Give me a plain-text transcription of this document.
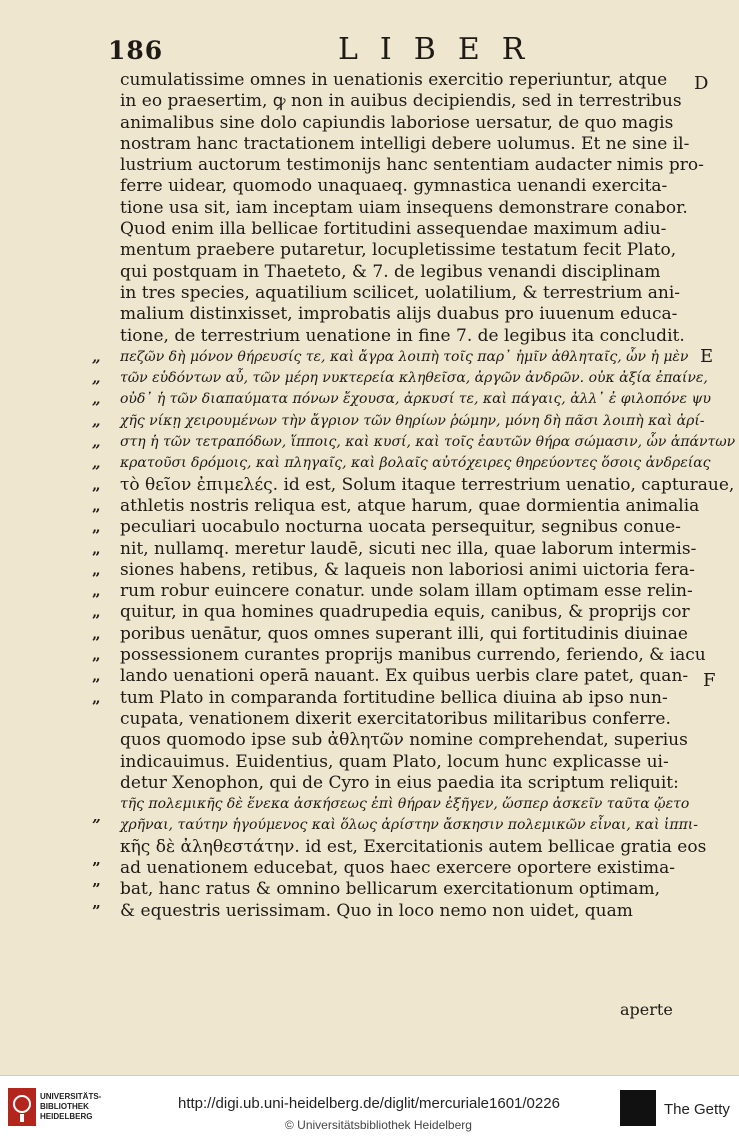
186	LIBER
cumulatissime omnes in uenationis exercitio reperiuntur, atque
in eo praesertim, ꝙ non in auibus decipiendis, sed in terrestribus
animalibus sine dolo capiundis laboriose uersatur, de quo magis
nostram hanc tractationem intelligi debere uolumus. Et ne sine il-
lustrium auctorum testimonijs hanc sententiam audacter nimis pro-
ferre uidear, quomodo unaquaeq. gymnastica uenandi exercita-
tione usa sit, iam inceptam uiam insequens demonstrare conabor.
Quod enim illa bellicae fortitudini assequendae maximum adiu-
mentum praebere putaretur, locupletissime testatum fecit Plato,
qui postquam in Thaeteto, & 7. de legibus venandi disciplinam
in tres species, aquatilium scilicet, uolatilium, & terrestrium ani-
malium distinxisset, improbatis alijs duabus pro iuuenum educa-
tione, de terrestrium uenatione in fine 7. de legibus ita concludit.
„	πεζῶν δὴ μόνον θήρευσίς τε, καὶ ἄγρα λοιπὴ τοῖς παρ᾽ ἡμῖν ἀθληταῖς, ὧν ἡ μὲν
„	τῶν εὑδόντων αὖ, τῶν μέρη νυκτερεία κληθεῖσα, ἀργῶν ἀνδρῶν. οὐκ ἀξία ἐπαίνε,
„	οὐδ᾽ ἡ τῶν διαπαύματα πόνων ἔχουσα, ἀρκυσί τε, καὶ πάγαις, ἀλλ᾽ ἐ φιλοπόνε ψυ
„	χῆς νίκῃ χειρουμένων τὴν ἄγριον τῶν θηρίων ῥώμην, μόνη δὴ πᾶσι λοιπὴ καὶ ἀρί-
„	στη ἡ τῶν τετραπόδων, ἵπποις, καὶ κυσί, καὶ τοῖς ἑαυτῶν θήρα σώμασιν, ὧν ἁπάντων
„	κρατοῦσι δρόμοις, καὶ πληγαῖς, καὶ βολαῖς αὐτόχειρες θηρεύοντες ὅσοις ἀνδρείας
„	τὸ θεῖον ἐπιμελές. id est, Solum itaque terrestrium uenatio, capturaue,
„	athletis nostris reliqua est, atque harum, quae dormientia animalia
„	peculiari uocabulo nocturna uocata persequitur, segnibus conue-
„	nit, nullamq. meretur laudē, sicuti nec illa, quae laborum intermis-
„	siones habens, retibus, & laqueis non laboriosi animi uictoria fera-
„	rum robur euincere conatur. unde solam illam optimam esse relin-
„	quitur, in qua homines quadrupedia equis, canibus, & proprijs cor
„	poribus uenātur, quos omnes superant illi, qui fortitudinis diuinae
„	possessionem curantes proprijs manibus currendo, feriendo, & iacu
„	lando uenationi operā nauant. Ex quibus uerbis clare patet, quan-
„	tum Plato in comparanda fortitudine bellica diuina ab ipso nun-
cupata, venationem dixerit exercitatoribus militaribus conferre.
quos quomodo ipse sub ἀθλητῶν nomine comprehendat, superius
indicauimus. Euidentius, quam Plato, locum hunc explicasse ui-
detur Xenophon, qui de Cyro in eius paedia ita scriptum reliquit:
τῆς πολεμικῆς δὲ ἕνεκα ἀσκήσεως ἐπὶ θήραν ἐξῆγεν, ὥσπερ ἀσκεῖν ταῦτα ᾤετο
”	χρῆναι, ταύτην ἡγούμενος καὶ ὅλως ἀρίστην ἄσκησιν πολεμικῶν εἶναι, καὶ ἱππι-
κῆς δὲ ἀληθεστάτην. id est, Exercitationis autem bellicae gratia eos
”	ad uenationem educebat, quos haec exercere oportere existima-
”	bat, hanc ratus & omnino bellicarum exercitationum optimam,
”	& equestris uerissimam. Quo in loco nemo non uidet, quam
D
E
F
aperte
UNIVERSITÄTS-
BIBLIOTHEK
HEIDELBERG
http://digi.ub.uni-heidelberg.de/diglit/mercuriale1601/0226
© Universitätsbibliothek Heidelberg
The Getty
